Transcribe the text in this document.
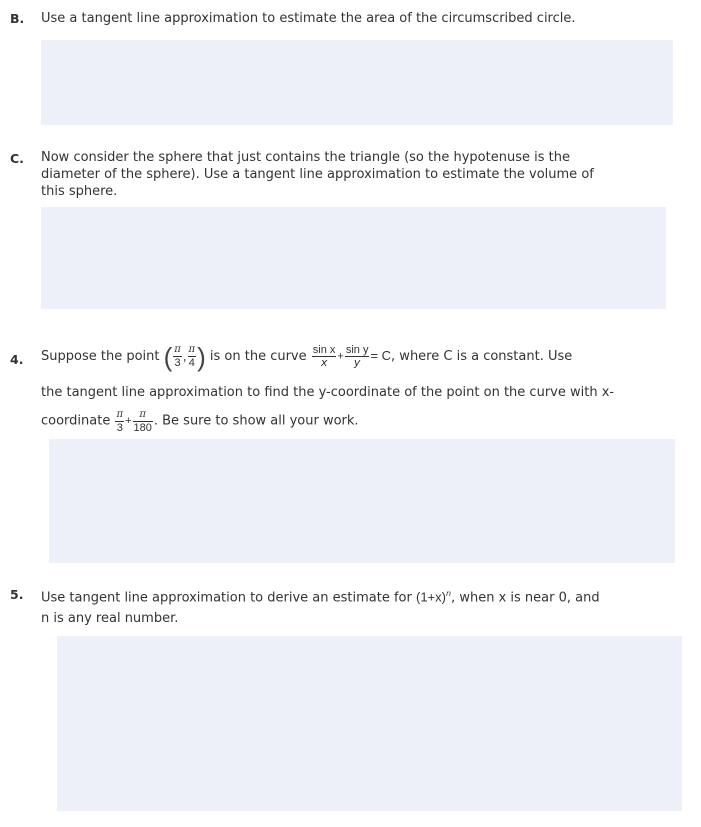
B. Use a tangent line approximation to estimate the area of the circumscribed circle.
C. Now consider the sphere that just contains the triangle (so the hypotenuse is the
diameter of the sphere). Use a tangent line approximation to estimate the volume of
this sphere.
4. Suppose the point ( $\frac{\pi}{3}$ , $\frac{\pi}{4}$ ) is on the curve $\frac{\text{sin x}}{x} + \frac{\text{sin y}}{y} = C$, where C is a constant. Use
the tangent line approximation to find the y-coordinate of the point on the curve with x-
coordinate $\frac{\pi}{3} + \frac{\pi}{180}$ . Be sure to show all your work.
5. Use tangent line approximation to derive an estimate for $(1+x)^n$, when x is near 0, and
n is any real number.
